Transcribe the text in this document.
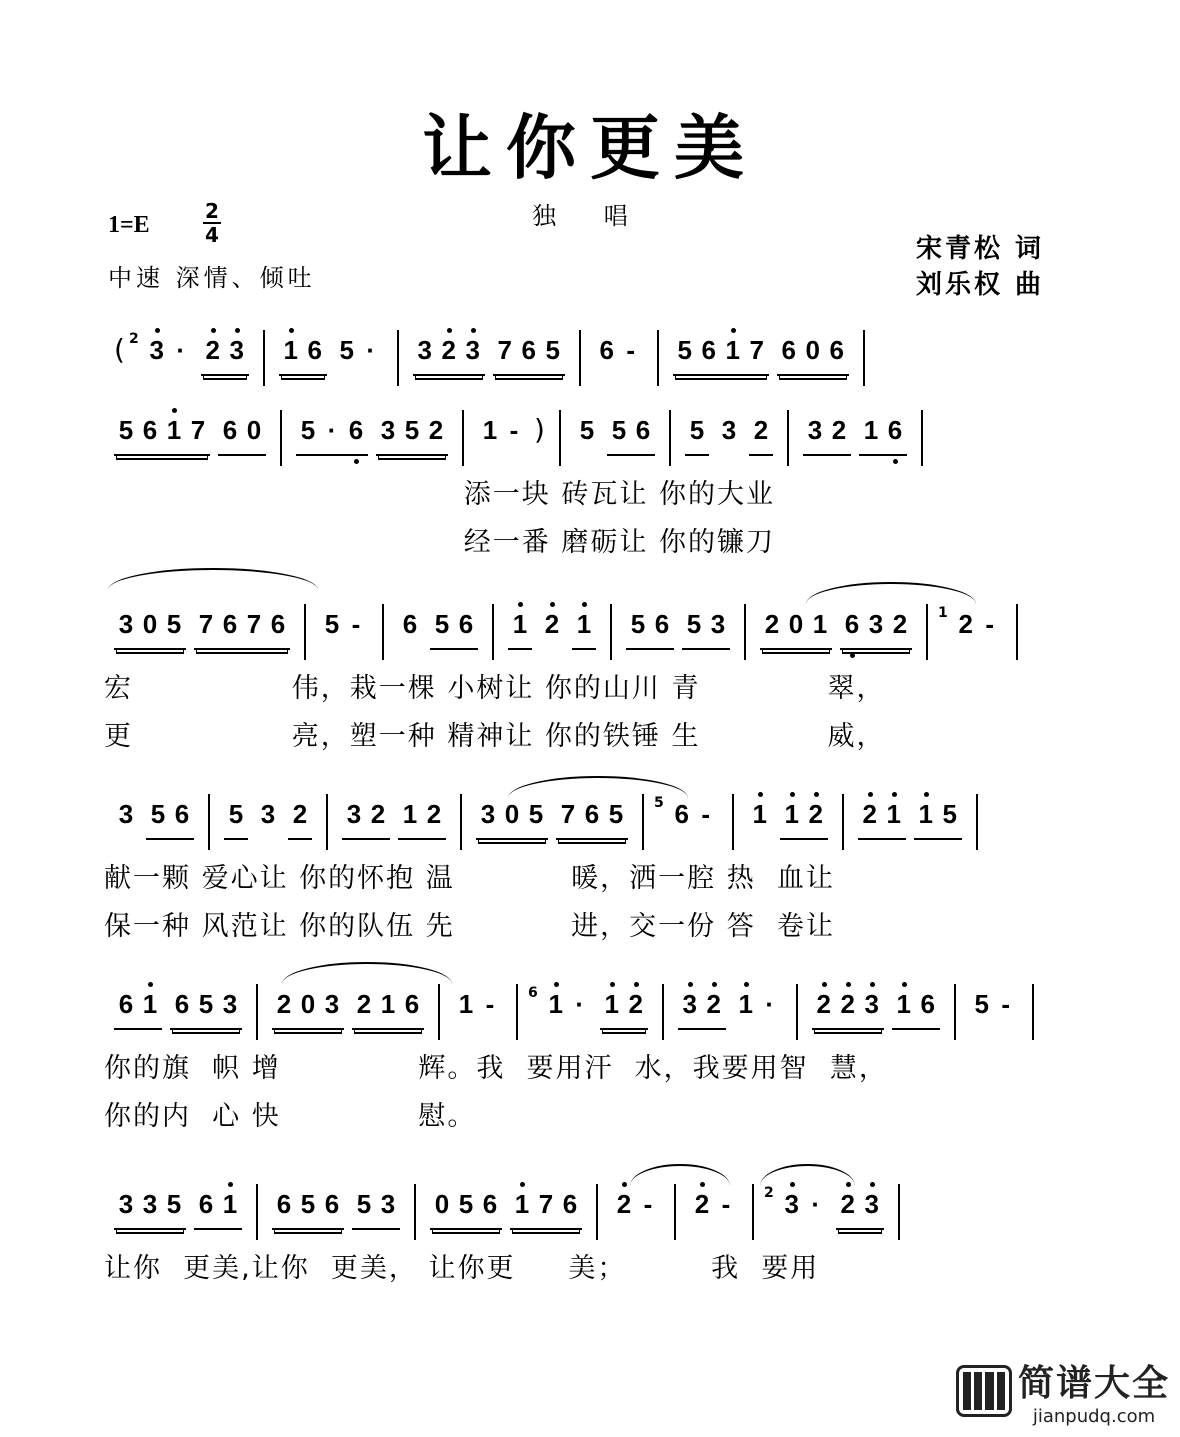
让你更美
独 唱
1=E
2
4
中速 深情、倾吐
宋青松 词
刘乐权 曲
( 2 3 · 2 3 1 6 5 · 3 2 3 7 6 5 6 - 5 6 1 7 6 0 6
5 6 1 7 6 0 5 · 6 3 5 2 1 - ) 5 5 6 5 3 2 3 2 1 6
3 0 5 7 6 7 6 5 - 6 5 6 1 2 1 5 6 5 3 2 0 1 6 3 2	1 2 -
3 5 6 5 3 2 3 2 1 2 3 0 5 7 6 5	5 6 - 1 1 2 2 1 1 5
6 1 6 5 3 2 0 3 2 1 6 1 -	6 1 · 1 2 3 2 1 · 2 2 3 1 6 5 -
3 3 5 6 1 6 5 6 5 3 0 5 6 1 7 6 2 - 2 -	2 3 · 2 3
添一块 砖瓦让 你的大业
经一番 磨砺让 你的镰刀
宏               伟，栽一棵 小树让 你的山川 青            翠，
更               亮，塑一种 精神让 你的铁锤 生            威，
献一颗 爱心让 你的怀抱 温           暖，洒一腔 热  血让
保一种 风范让 你的队伍 先           进，交一份 答  卷让
你的旗  帜 增             辉。我  要用汗  水，我要用智  慧，
你的内  心 快             慰。
让你  更美,让你  更美， 让你更     美；        我  要用
简谱大全
jianpudq.com
